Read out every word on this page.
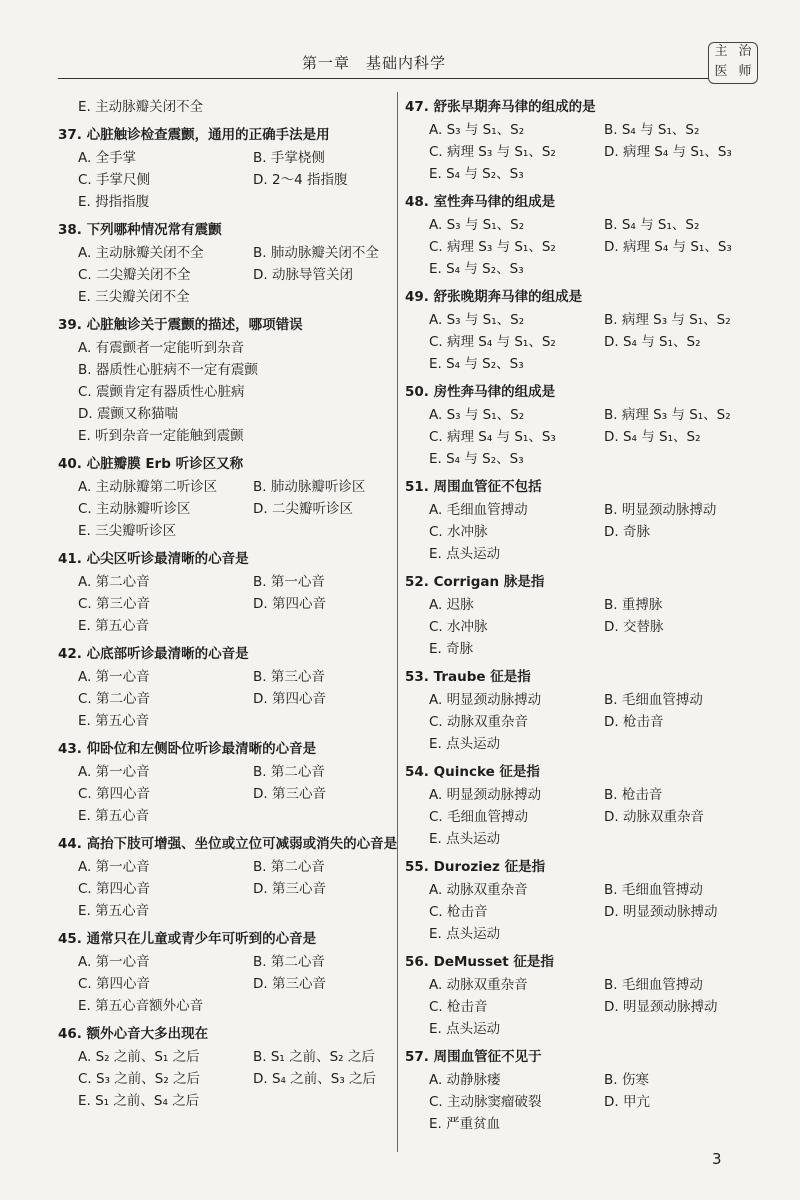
第一章　基础内科学
主 治
医 师
E. 主动脉瓣关闭不全
37. 心脏触诊检查震颤，通用的正确手法是用
A. 全手掌	B. 手掌桡侧
C. 手掌尺侧	D. 2～4 指指腹
E. 拇指指腹
38. 下列哪种情况常有震颤
A. 主动脉瓣关闭不全	B. 肺动脉瓣关闭不全
C. 二尖瓣关闭不全	D. 动脉导管关闭
E. 三尖瓣关闭不全
39. 心脏触诊关于震颤的描述，哪项错误
A. 有震颤者一定能听到杂音
B. 器质性心脏病不一定有震颤
C. 震颤肯定有器质性心脏病
D. 震颤又称猫喘
E. 听到杂音一定能触到震颤
40. 心脏瓣膜 Erb 听诊区又称
A. 主动脉瓣第二听诊区	B. 肺动脉瓣听诊区
C. 主动脉瓣听诊区	D. 二尖瓣听诊区
E. 三尖瓣听诊区
41. 心尖区听诊最清晰的心音是
A. 第二心音	B. 第一心音
C. 第三心音	D. 第四心音
E. 第五心音
42. 心底部听诊最清晰的心音是
A. 第一心音	B. 第三心音
C. 第二心音	D. 第四心音
E. 第五心音
43. 仰卧位和左侧卧位听诊最清晰的心音是
A. 第一心音	B. 第二心音
C. 第四心音	D. 第三心音
E. 第五心音
44. 高抬下肢可增强、坐位或立位可减弱或消失的心音是
A. 第一心音	B. 第二心音
C. 第四心音	D. 第三心音
E. 第五心音
45. 通常只在儿童或青少年可听到的心音是
A. 第一心音	B. 第二心音
C. 第四心音	D. 第三心音
E. 第五心音额外心音
46. 额外心音大多出现在
A. S₂ 之前、S₁ 之后	B. S₁ 之前、S₂ 之后
C. S₃ 之前、S₂ 之后	D. S₄ 之前、S₃ 之后
E. S₁ 之前、S₄ 之后
47. 舒张早期奔马律的组成的是
A. S₃ 与 S₁、S₂	B. S₄ 与 S₁、S₂
C. 病理 S₃ 与 S₁、S₂	D. 病理 S₄ 与 S₁、S₃
E. S₄ 与 S₂、S₃
48. 室性奔马律的组成是
A. S₃ 与 S₁、S₂	B. S₄ 与 S₁、S₂
C. 病理 S₃ 与 S₁、S₂	D. 病理 S₄ 与 S₁、S₃
E. S₄ 与 S₂、S₃
49. 舒张晚期奔马律的组成是
A. S₃ 与 S₁、S₂	B. 病理 S₃ 与 S₁、S₂
C. 病理 S₄ 与 S₁、S₂	D. S₄ 与 S₁、S₂
E. S₄ 与 S₂、S₃
50. 房性奔马律的组成是
A. S₃ 与 S₁、S₂	B. 病理 S₃ 与 S₁、S₂
C. 病理 S₄ 与 S₁、S₃	D. S₄ 与 S₁、S₂
E. S₄ 与 S₂、S₃
51. 周围血管征不包括
A. 毛细血管搏动	B. 明显颈动脉搏动
C. 水冲脉	D. 奇脉
E. 点头运动
52. Corrigan 脉是指
A. 迟脉	B. 重搏脉
C. 水冲脉	D. 交替脉
E. 奇脉
53. Traube 征是指
A. 明显颈动脉搏动	B. 毛细血管搏动
C. 动脉双重杂音	D. 枪击音
E. 点头运动
54. Quincke 征是指
A. 明显颈动脉搏动	B. 枪击音
C. 毛细血管搏动	D. 动脉双重杂音
E. 点头运动
55. Duroziez 征是指
A. 动脉双重杂音	B. 毛细血管搏动
C. 枪击音	D. 明显颈动脉搏动
E. 点头运动
56. DeMusset 征是指
A. 动脉双重杂音	B. 毛细血管搏动
C. 枪击音	D. 明显颈动脉搏动
E. 点头运动
57. 周围血管征不见于
A. 动静脉瘘	B. 伤寒
C. 主动脉窦瘤破裂	D. 甲亢
E. 严重贫血
3
